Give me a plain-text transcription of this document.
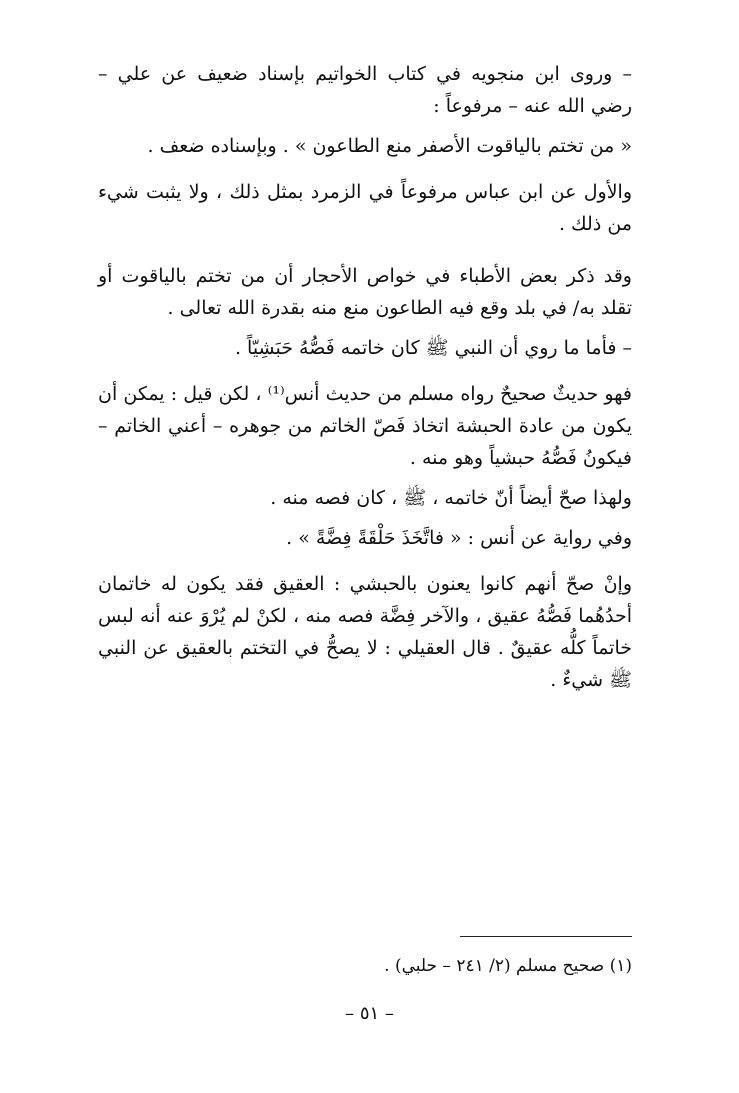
– وروى ابن منجويه في كتاب الخواتيم بإسناد ضعيف عن علي – رضي الله عنه – مرفوعاً :

« من تختم بالياقوت الأصفر منع الطاعون » . وبإسناده ضعف .

والأول عن ابن عباس مرفوعاً في الزمرد بمثل ذلك ، ولا يثبت شيء من ذلك .

وقد ذكر بعض الأطباء في خواص الأحجار أن من تختم بالياقوت أو تقلد به/ في بلد وقع فيه الطاعون منع منه بقدرة الله تعالى .

– فأما ما روي أن النبي ﷺ كان خاتمه فَصُّهُ حَبَشِيّاً .

فهو حديثٌ صحيحٌ رواه مسلم من حديث أنس⁽¹⁾ ، لكن قيل : يمكن أن يكون من عادة الحبشة اتخاذ فَصّ الخاتم من جوهره – أعني الخاتم – فيكونُ فَصُّهُ حبشياً وهو منه .

ولهذا صحّ أيضاً أنّ خاتمه ، ﷺ ، كان فصه منه .

وفي رواية عن أنس : « فاتَّخَذَ حَلْقَةً فِضَّةً » .

وإنْ صحّ أنهم كانوا يعنون بالحبشي : العقيق فقد يكون له خاتمان أحدُهُما فَصُّهُ عقيق ، والآخر فِضَّة فصه منه ، لكنْ لم يُرْوَ عنه أنه لبس خاتماً كلُّه عقيقٌ . قال العقيلي : لا يصحُّ في التختم بالعقيق عن النبي ﷺ شيءٌ .

(١) صحيح مسلم (٢/ ٢٤١ – حلبي) .
– ٥١ –
